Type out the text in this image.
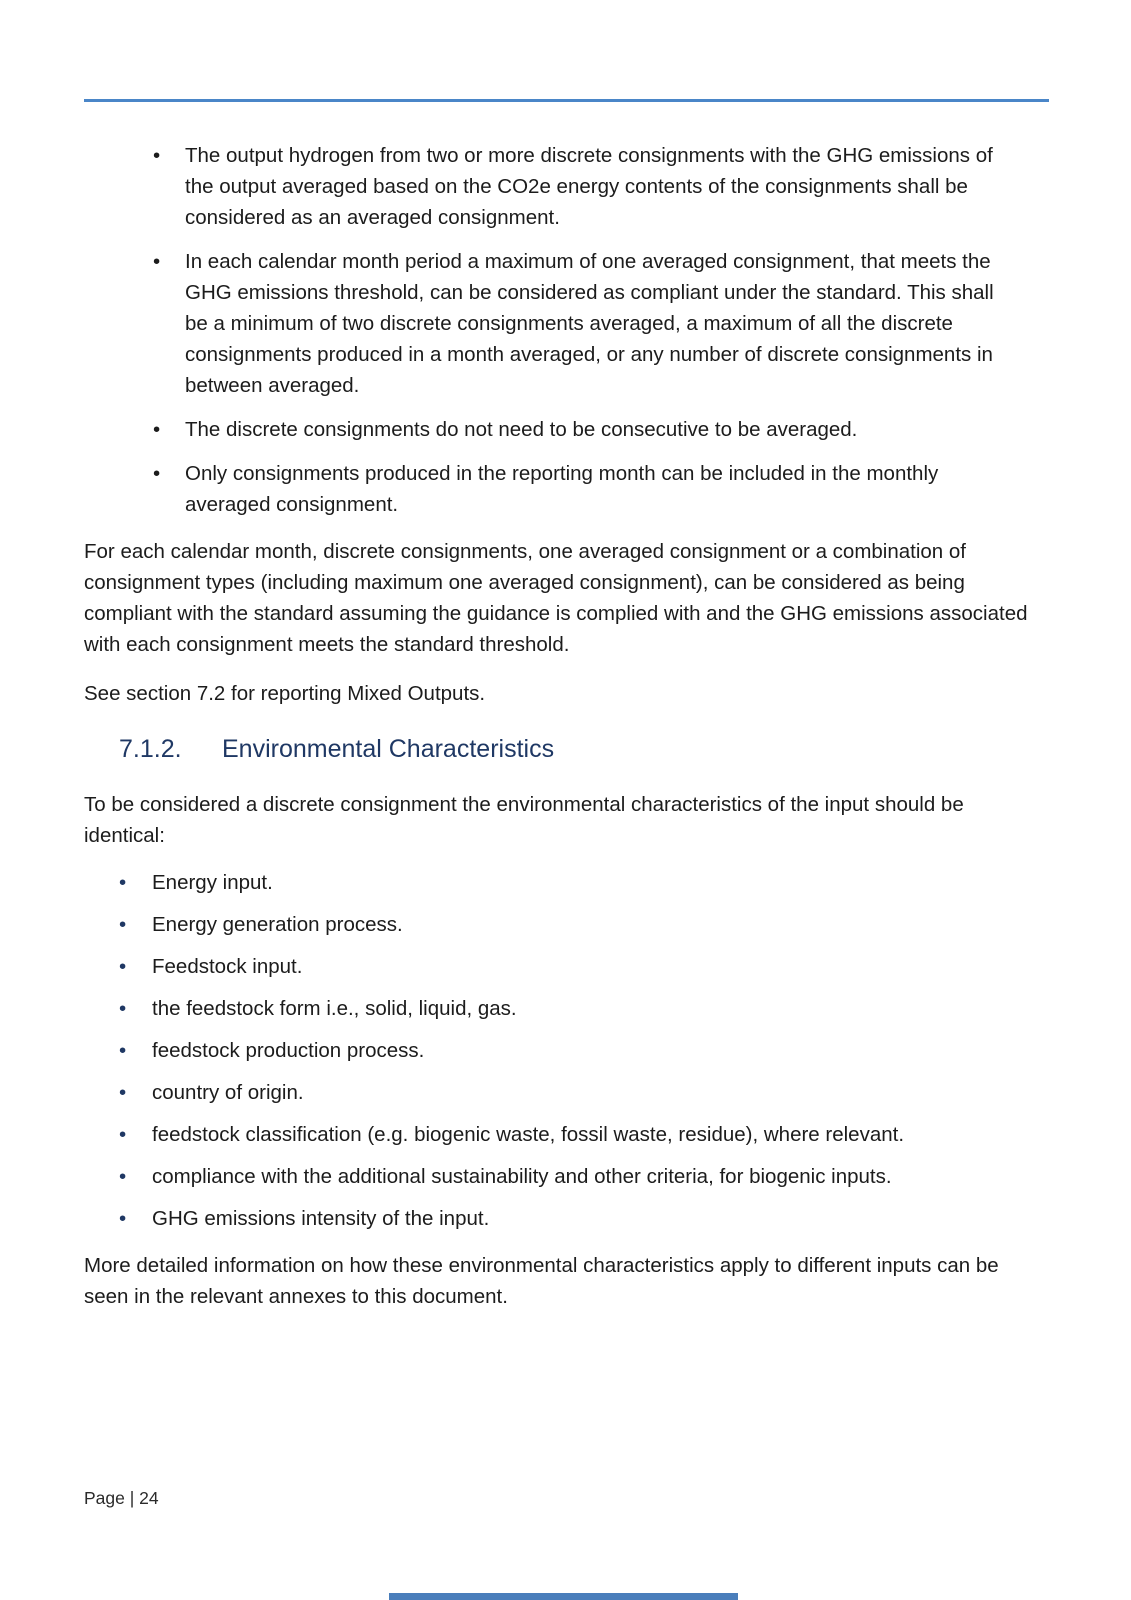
• The output hydrogen from two or more discrete consignments with the GHG emissions of the output averaged based on the CO2e energy contents of the consignments shall be considered as an averaged consignment.
• In each calendar month period a maximum of one averaged consignment, that meets the GHG emissions threshold, can be considered as compliant under the standard. This shall be a minimum of two discrete consignments averaged, a maximum of all the discrete consignments produced in a month averaged, or any number of discrete consignments in between averaged.
• The discrete consignments do not need to be consecutive to be averaged.
• Only consignments produced in the reporting month can be included in the monthly averaged consignment.

For each calendar month, discrete consignments, one averaged consignment or a combination of consignment types (including maximum one averaged consignment), can be considered as being compliant with the standard assuming the guidance is complied with and the GHG emissions associated with each consignment meets the standard threshold.

See section 7.2 for reporting Mixed Outputs.

7.1.2. Environmental Characteristics

To be considered a discrete consignment the environmental characteristics of the input should be identical:

• Energy input.
• Energy generation process.
• Feedstock input.
• the feedstock form i.e., solid, liquid, gas.
• feedstock production process.
• country of origin.
• feedstock classification (e.g. biogenic waste, fossil waste, residue), where relevant.
• compliance with the additional sustainability and other criteria, for biogenic inputs.
• GHG emissions intensity of the input.

More detailed information on how these environmental characteristics apply to different inputs can be seen in the relevant annexes to this document.

Page | 24
